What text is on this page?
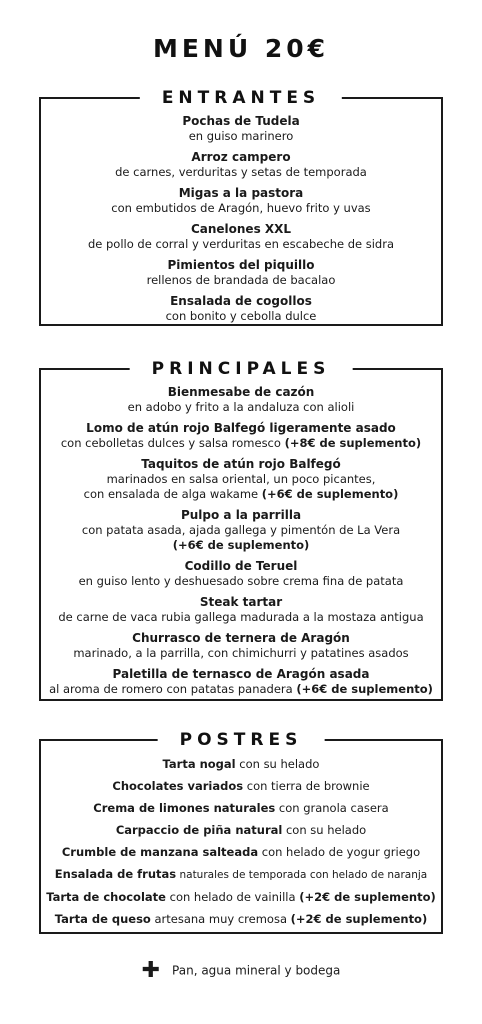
MENÚ 20€
ENTRANTES
Pochas de Tudela
en guiso marinero
Arroz campero
de carnes, verduritas y setas de temporada
Migas a la pastora
con embutidos de Aragón, huevo frito y uvas
Canelones XXL
de pollo de corral y verduritas en escabeche de sidra
Pimientos del piquillo
rellenos de brandada de bacalao
Ensalada de cogollos
con bonito y cebolla dulce
PRINCIPALES
Bienmesabe de cazón
en adobo y frito a la andaluza con alioli
Lomo de atún rojo Balfegó ligeramente asado
con cebolletas dulces y salsa romesco (+8€ de suplemento)
Taquitos de atún rojo Balfegó
marinados en salsa oriental, un poco picantes,
con ensalada de alga wakame (+6€ de suplemento)
Pulpo a la parrilla
con patata asada, ajada gallega y pimentón de La Vera
(+6€ de suplemento)
Codillo de Teruel
en guiso lento y deshuesado sobre crema fina de patata
Steak tartar
de carne de vaca rubia gallega madurada a la mostaza antigua
Churrasco de ternera de Aragón
marinado, a la parrilla, con chimichurri y patatines asados
Paletilla de ternasco de Aragón asada
al aroma de romero con patatas panadera (+6€ de suplemento)
POSTRES
Tarta nogal con su helado
Chocolates variados con tierra de brownie
Crema de limones naturales con granola casera
Carpaccio de piña natural con su helado
Crumble de manzana salteada con helado de yogur griego
Ensalada de frutas naturales de temporada con helado de naranja
Tarta de chocolate con helado de vainilla (+2€ de suplemento)
Tarta de queso artesana muy cremosa (+2€ de suplemento)
✚ Pan, agua mineral y bodega
